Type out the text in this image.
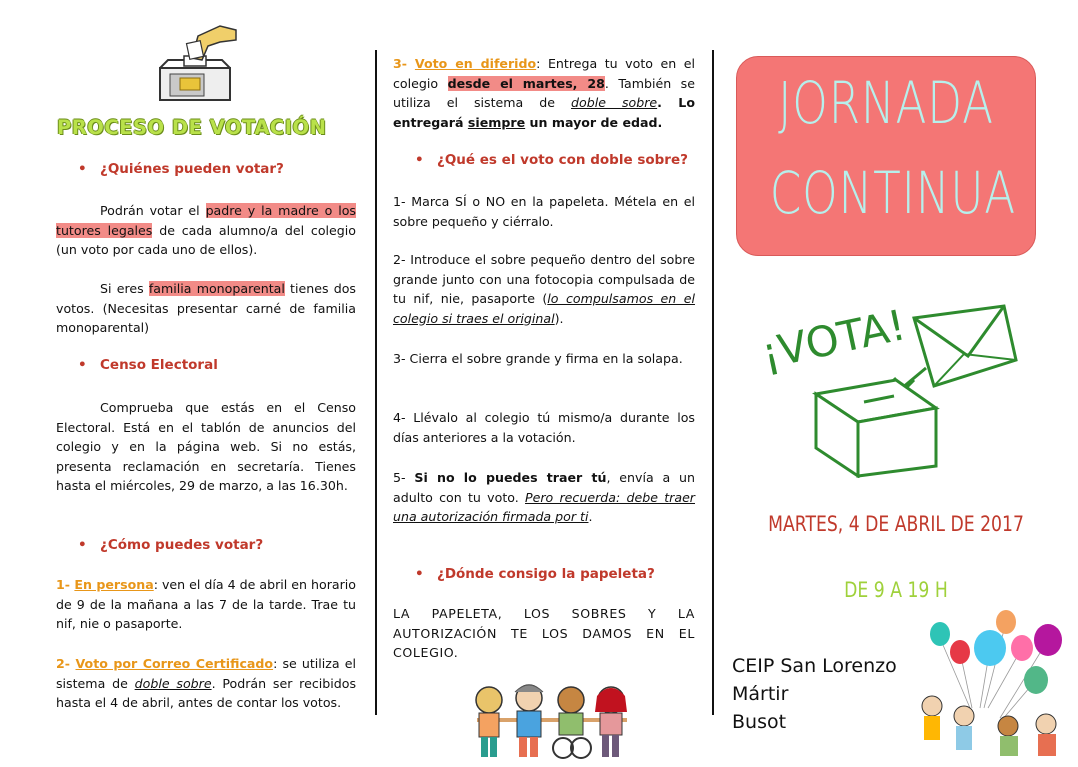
PROCESO DE VOTACIÓN

• ¿Quiénes pueden votar?

Podrán votar el padre y la madre o los tutores legales de cada alumno/a del colegio (un voto por cada uno de ellos).

Si eres familia monoparental tienes dos votos. (Necesitas presentar carné de familia monoparental)

• Censo Electoral

Comprueba que estás en el Censo Electoral. Está en el tablón de anuncios del colegio y en la página web. Si no estás, presenta reclamación en secretaría. Tienes hasta el miércoles, 29 de marzo, a las 16.30h.

• ¿Cómo puedes votar?

1- En persona: ven el día 4 de abril en horario de 9 de la mañana a las 7 de la tarde. Trae tu nif, nie o pasaporte.

2- Voto por Correo Certificado: se utiliza el sistema de doble sobre. Podrán ser recibidos hasta el 4 de abril, antes de contar los votos.

3- Voto en diferido: Entrega tu voto en el colegio desde el martes, 28. También se utiliza el sistema de doble sobre. Lo entregará siempre un mayor de edad.

• ¿Qué es el voto con doble sobre?

1- Marca SÍ o NO en la papeleta. Métela en el sobre pequeño y ciérralo.

2- Introduce el sobre pequeño dentro del sobre grande junto con una fotocopia compulsada de tu nif, nie, pasaporte (lo compulsamos en el colegio si traes el original).

3- Cierra el sobre grande y firma en la solapa.

4- Llévalo al colegio tú mismo/a durante los días anteriores a la votación.

5- Si no lo puedes traer tú, envía a un adulto con tu voto. Pero recuerda: debe traer una autorización firmada por ti.

• ¿Dónde consigo la papeleta?

LA PAPELETA, LOS SOBRES Y LA AUTORIZACIÓN TE LOS DAMOS EN EL COLEGIO.

JORNADA

CONTINUA

¡VOTA!

MARTES, 4 DE ABRIL DE 2017

DE 9 A 19 H

CEIP San Lorenzo Mártir
Busot
